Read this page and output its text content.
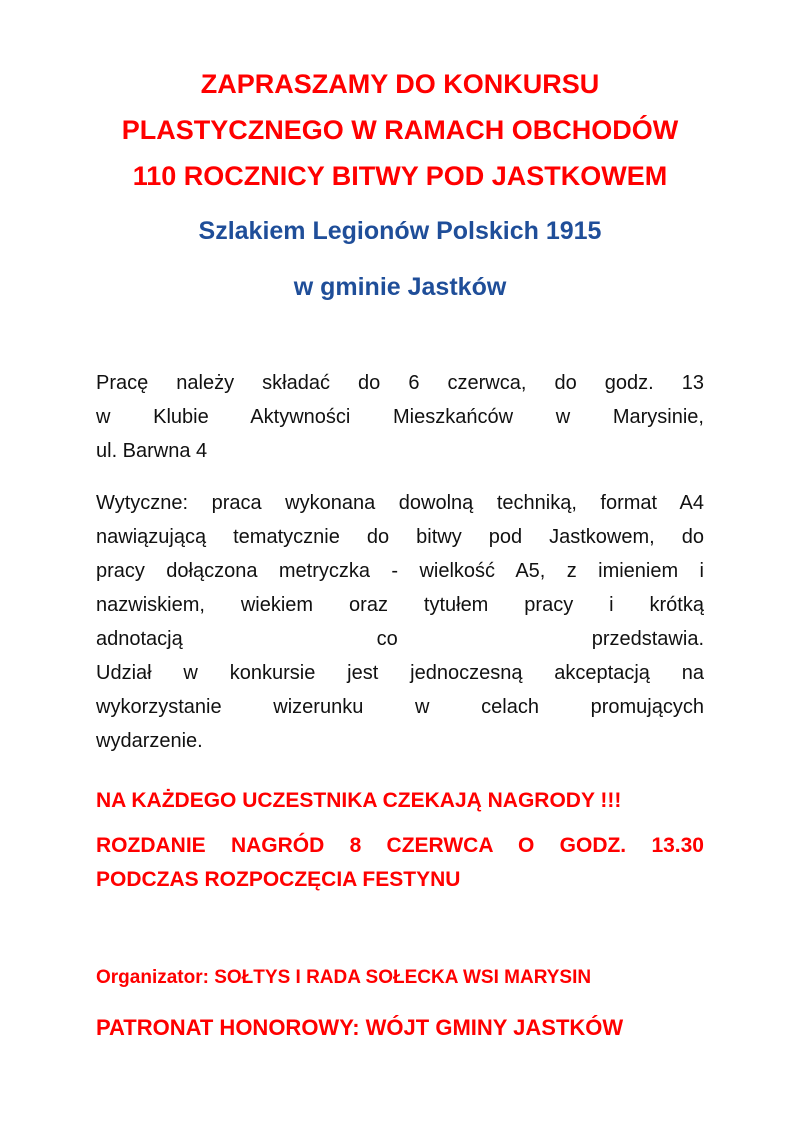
ZAPRASZAMY DO KONKURSU
PLASTYCZNEGO W RAMACH OBCHODÓW
110 ROCZNICY BITWY POD JASTKOWEM
Szlakiem Legionów Polskich 1915
w gminie Jastków
Pracę należy składać do 6 czerwca, do godz. 13
w Klubie Aktywności Mieszkańców w Marysinie,
ul. Barwna 4
Wytyczne: praca wykonana dowolną techniką, format A4
nawiązującą tematycznie do bitwy pod Jastkowem, do
pracy dołączona metryczka - wielkość A5, z imieniem i
nazwiskiem, wiekiem oraz tytułem pracy i krótką
adnotacją co przedstawia.
Udział w konkursie jest jednoczesną akceptacją na
wykorzystanie wizerunku w celach promujących
wydarzenie.
NA KAŻDEGO UCZESTNIKA CZEKAJĄ NAGRODY !!!
ROZDANIE NAGRÓD 8 CZERWCA O GODZ. 13.30
PODCZAS ROZPOCZĘCIA FESTYNU
Organizator: SOŁTYS I RADA SOŁECKA WSI MARYSIN
PATRONAT HONOROWY: WÓJT GMINY JASTKÓW
